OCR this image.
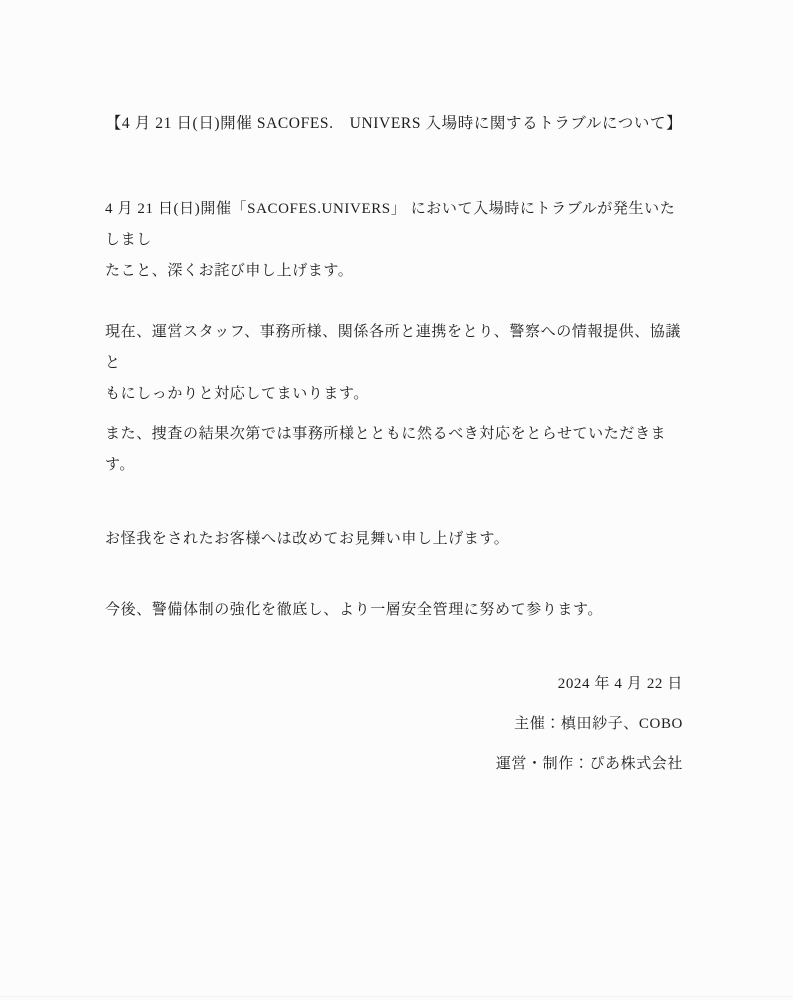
【4 月 21 日(日)開催 SACOFES.　UNIVERS 入場時に関するトラブルについて】

4 月 21 日(日)開催「SACOFES.UNIVERS」 において入場時にトラブルが発生いたしまし
たこと、深くお詫び申し上げます。

現在、運営スタッフ、事務所様、関係各所と連携をとり、警察への情報提供、協議と
もにしっかりと対応してまいります。

また、捜査の結果次第では事務所様とともに然るべき対応をとらせていただきます。

お怪我をされたお客様へは改めてお見舞い申し上げます。

今後、警備体制の強化を徹底し、より一層安全管理に努めて参ります。

2024 年 4 月 22 日
主催：槙田紗子、COBO
運営・制作：ぴあ株式会社
